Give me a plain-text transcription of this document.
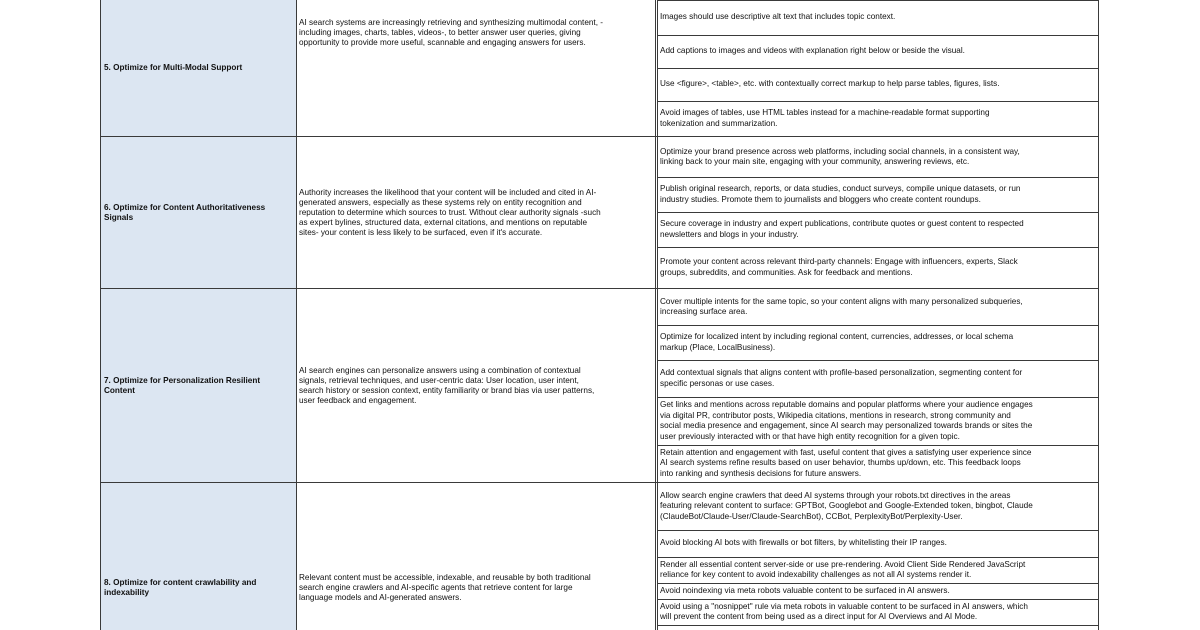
5. Optimize for Multi-Modal Support
AI search systems are increasingly retrieving and synthesizing multimodal content, -
including images, charts, tables, videos-, to better answer user queries, giving
opportunity to provide more useful, scannable and engaging answers for users.
Images should use descriptive alt text that includes topic context.
Add captions to images and videos with explanation right below or beside the visual.
Use <figure>, <table>, etc. with contextually correct markup to help parse tables, figures, lists.
Avoid images of tables, use HTML tables instead for a machine-readable format supporting
tokenization and summarization.
6. Optimize for Content Authoritativeness
Signals
Authority increases the likelihood that your content will be included and cited in AI-
generated answers, especially as these systems rely on entity recognition and
reputation to determine which sources to trust. Without clear authority signals -such
as expert bylines, structured data, external citations, and mentions on reputable
sites- your content is less likely to be surfaced, even if it's accurate.
Optimize your brand presence across web platforms, including social channels, in a consistent way,
linking back to your main site, engaging with your community, answering reviews, etc.
Publish original research, reports, or data studies, conduct surveys, compile unique datasets, or run
industry studies. Promote them to journalists and bloggers who create content roundups.
Secure coverage in industry and expert publications, contribute quotes or guest content to respected
newsletters and blogs in your industry.
Promote your content across relevant third-party channels: Engage with influencers, experts, Slack
groups, subreddits, and communities. Ask for feedback and mentions.
7. Optimize for Personalization Resilient
Content
AI search engines can personalize answers using a combination of contextual
signals, retrieval techniques, and user-centric data: User location, user intent,
search history or session context, entity familiarity or brand bias via user patterns,
user feedback and engagement.
Cover multiple intents for the same topic, so your content aligns with many personalized subqueries,
increasing surface area.
Optimize for localized intent by including regional content, currencies, addresses, or local schema
markup (Place, LocalBusiness).
Add contextual signals that aligns content with profile-based personalization, segmenting content for
specific personas or use cases.
Get links and mentions across reputable domains and popular platforms where your audience engages
via digital PR, contributor posts, Wikipedia citations, mentions in research, strong community and
social media presence and engagement, since AI search may personalized towards brands or sites the
user previously interacted with or that have high entity recognition for a given topic.
Retain attention and engagement with fast, useful content that gives a satisfying user experience since
AI search systems refine results based on user behavior, thumbs up/down, etc. This feedback loops
into ranking and synthesis decisions for future answers.
8. Optimize for content crawlability and
indexability
Relevant content must be accessible, indexable, and reusable by both traditional
search engine crawlers and AI-specific agents that retrieve content for large
language models and AI-generated answers.
Allow search engine crawlers that deed AI systems through your robots.txt directives in the areas
featuring relevant content to surface: GPTBot, Googlebot and Google-Extended token, bingbot, Claude
(ClaudeBot/Claude-User/Claude-SearchBot), CCBot, PerplexityBot/Perplexity-User.
Avoid blocking AI bots with firewalls or bot filters, by whitelisting their IP ranges.
Render all essential content server-side or use pre-rendering. Avoid Client Side Rendered JavaScript
reliance for key content to avoid indexability challenges as not all AI systems render it.
Avoid noindexing via meta robots valuable content to be surfaced in AI answers.
Avoid using a "nosnippet" rule via meta robots in valuable content to be surfaced in AI answers, which
will prevent the content from being used as a direct input for AI Overviews and AI Mode.
